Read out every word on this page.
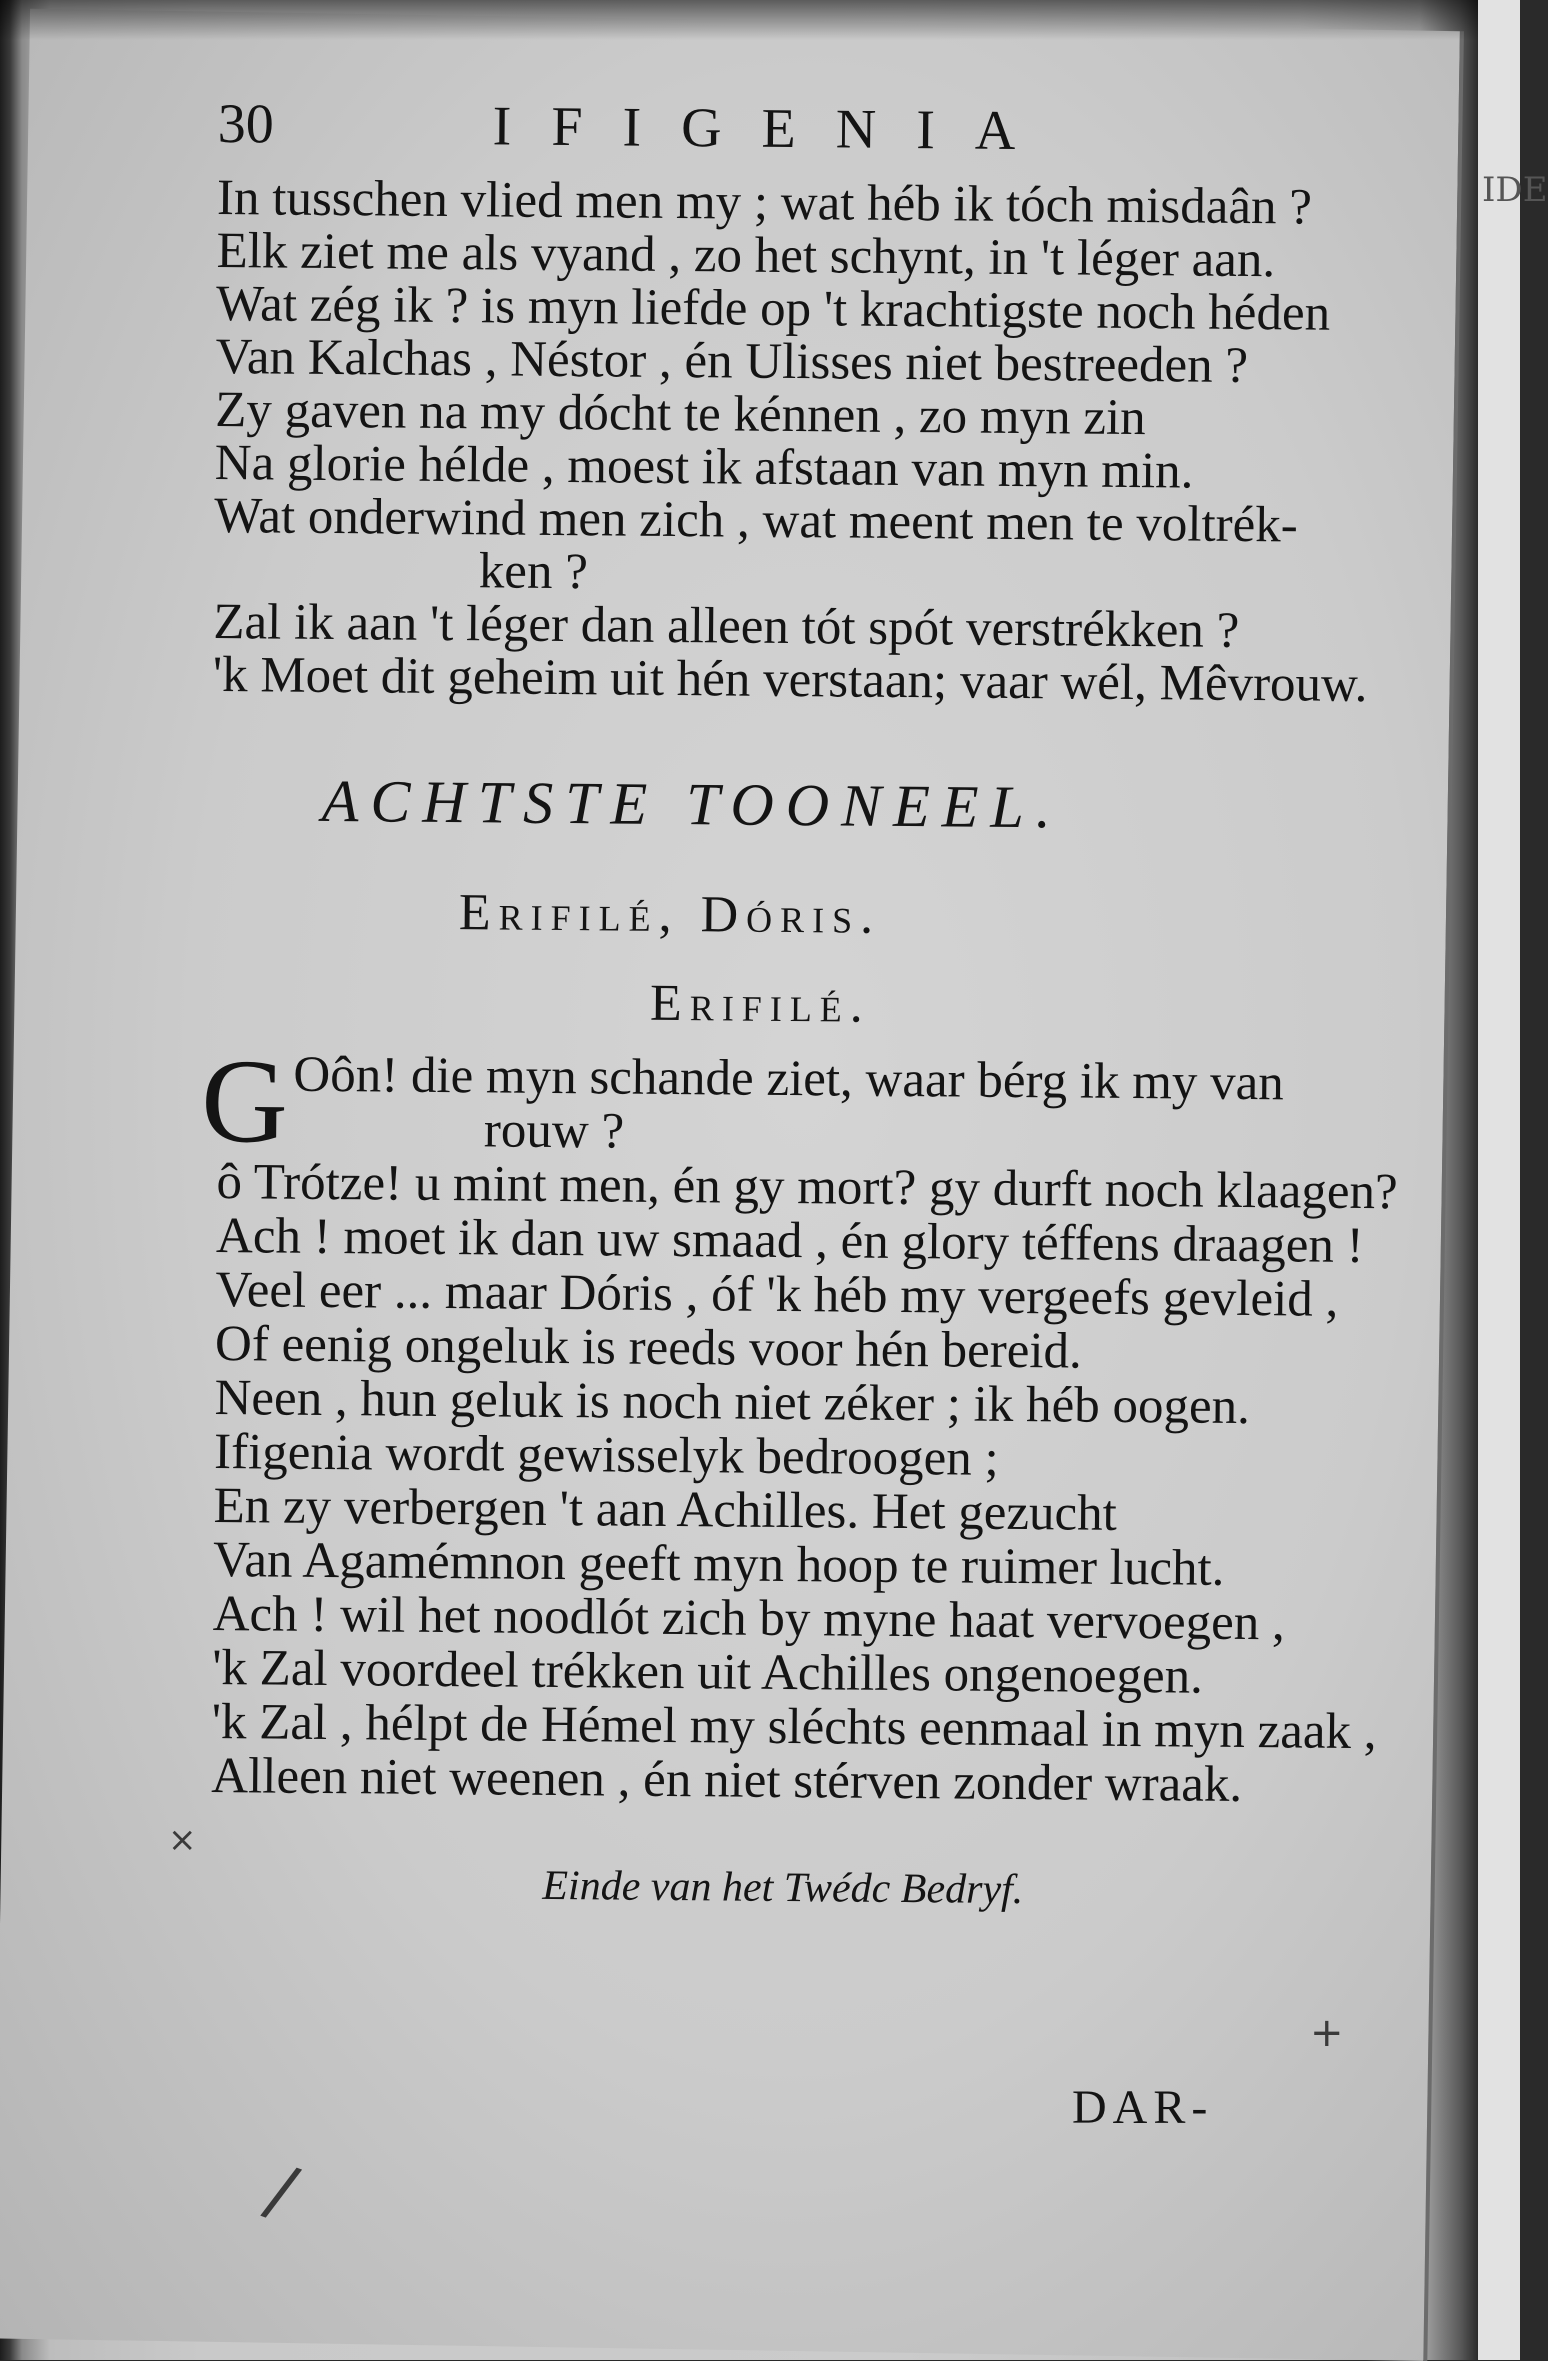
IDE
30	IFIGENIA
In tusschen vlied men my ; wat héb ik tóch misdaân ?
Elk ziet me als vyand , zo het schynt, in 't léger aan.
Wat zég ik ? is myn liefde op 't krachtigste noch héden
Van Kalchas , Néstor , én Ulisses niet bestreeden ?
Zy gaven na my dócht te kénnen , zo myn zin
Na glorie hélde , moest ik afstaan van myn min.
Wat onderwind men zich , wat meent men te voltrék-
ken ?
Zal ik aan 't léger dan alleen tót spót verstrékken ?
'k Moet dit geheim uit hén verstaan; vaar wél, Mêvrouw.
ACHTSTE TOONEEL.
Erifilé, Dóris.
Erifilé.
G Oôn! die myn schande ziet, waar bérg ik my van
rouw ?
ô Trótze! u mint men, én gy mort? gy durft noch klaagen?
Ach ! moet ik dan uw smaad , én glory téffens draagen !
Veel eer ... maar Dóris , óf 'k héb my vergeefs gevleid ,
Of eenig ongeluk is reeds voor hén bereid.
Neen , hun geluk is noch niet zéker ; ik héb oogen.
Ifigenia wordt gewisselyk bedroogen ;
En zy verbergen 't aan Achilles. Het gezucht
Van Agamémnon geeft myn hoop te ruimer lucht.
Ach ! wil het noodlót zich by myne haat vervoegen ,
'k Zal voordeel trékken uit Achilles ongenoegen.
'k Zal , hélpt de Hémel my sléchts eenmaal in myn zaak ,
Alleen niet weenen , én niet stérven zonder wraak.
Einde van het Twédc Bedryf.
DAR-
×
+
/
